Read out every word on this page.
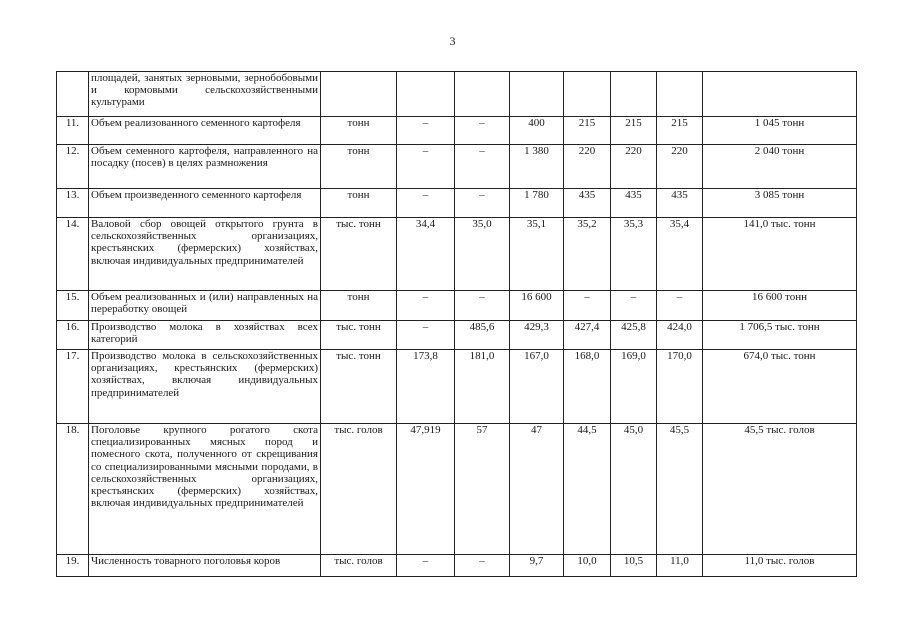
3
	площадей, занятых зерновыми, зернобобовыми и кормовыми сельскохозяйственными культурами								
11.	Объем реализованного семенного картофеля	тонн	–	–	400	215	215	215	1 045 тонн
12.	Объем семенного картофеля, направленного на посадку (посев) в целях размножения	тонн	–	–	1 380	220	220	220	2 040 тонн
13.	Объем произведенного семенного картофеля	тонн	–	–	1 780	435	435	435	3 085 тонн
14.	Валовой сбор овощей открытого грунта в сельскохозяйственных организациях, крестьянских (фермерских) хозяйствах, включая индивидуальных предпринимателей	тыс. тонн	34,4	35,0	35,1	35,2	35,3	35,4	141,0 тыс. тонн
15.	Объем реализованных и (или) направленных на переработку овощей	тонн	–	–	16 600	–	–	–	16 600 тонн
16.	Производство молока в хозяйствах всех категорий	тыс. тонн	–	485,6	429,3	427,4	425,8	424,0	1 706,5 тыс. тонн
17.	Производство молока в сельскохозяйственных организациях, крестьянских (фермерских) хозяйствах, включая индивидуальных предпринимателей	тыс. тонн	173,8	181,0	167,0	168,0	169,0	170,0	674,0 тыс. тонн
18.	Поголовье крупного рогатого скота специализированных мясных пород и помесного скота, полученного от скрещивания со специализированными мясными породами, в сельскохозяйственных организациях, крестьянских (фермерских) хозяйствах, включая индивидуальных предпринимателей	тыс. голов	47,919	57	47	44,5	45,0	45,5	45,5 тыс. голов
19.	Численность товарного поголовья коров	тыс. голов	–	–	9,7	10,0	10,5	11,0	11,0 тыс. голов
